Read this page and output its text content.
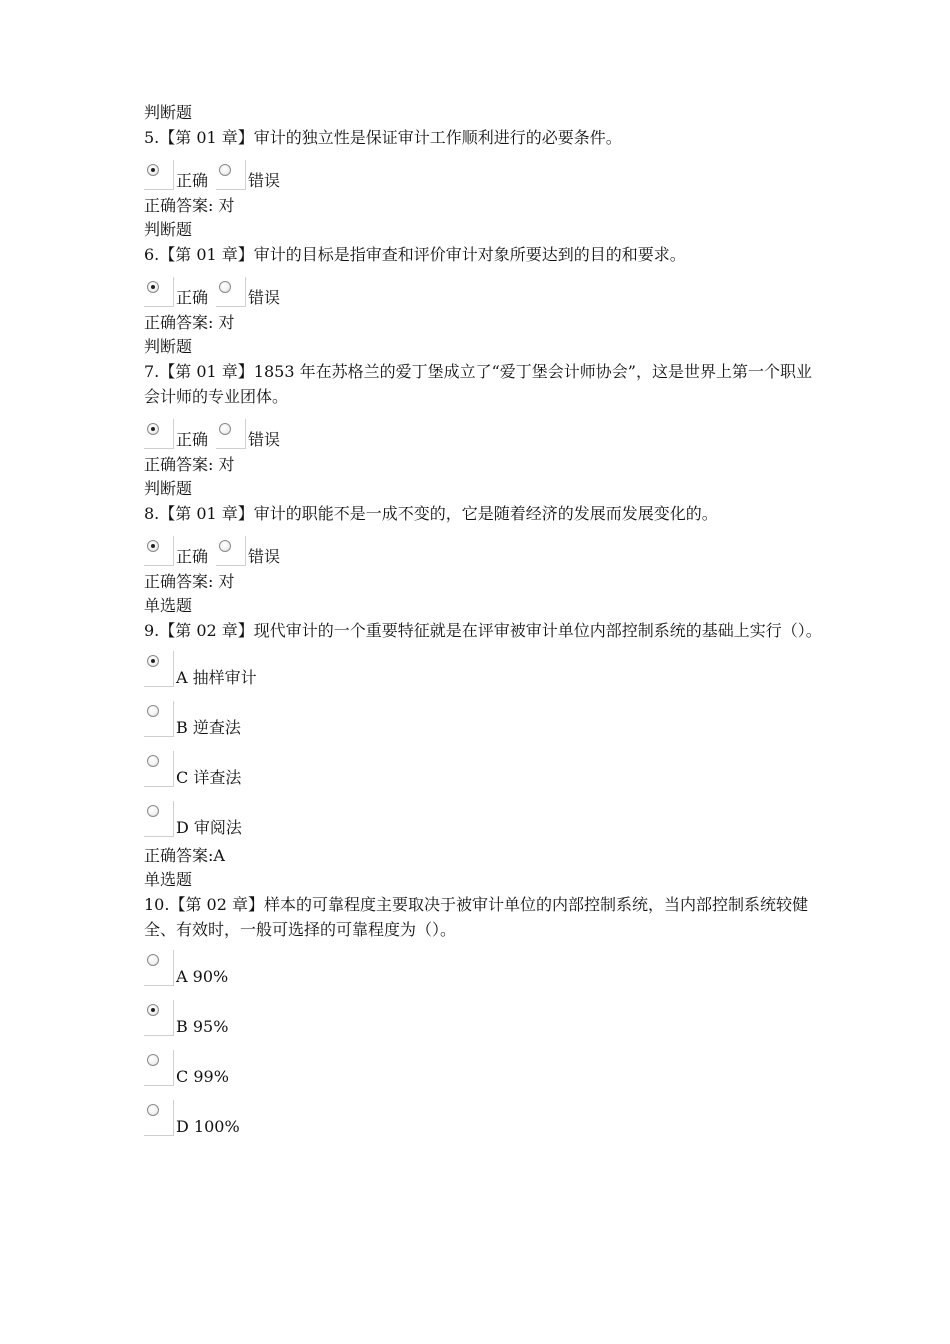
判断题
5.【第 01 章】审计的独立性是保证审计工作顺利进行的必要条件。
正确	错误
正确答案: 对
判断题
6.【第 01 章】审计的目标是指审查和评价审计对象所要达到的目的和要求。
正确	错误
正确答案: 对
判断题
7.【第 01 章】1853 年在苏格兰的爱丁堡成立了“爱丁堡会计师协会”，这是世界上第一个职业会计师的专业团体。
正确	错误
正确答案: 对
判断题
8.【第 01 章】审计的职能不是一成不变的，它是随着经济的发展而发展变化的。
正确	错误
正确答案: 对
单选题
9.【第 02 章】现代审计的一个重要特征就是在评审被审计单位内部控制系统的基础上实行（）。
A 抽样审计
B 逆查法
C 详查法
D 审阅法
正确答案:A
单选题
10.【第 02 章】样本的可靠程度主要取决于被审计单位的内部控制系统，当内部控制系统较健全、有效时，一般可选择的可靠程度为（）。
A 90%
B 95%
C 99%
D 100%
